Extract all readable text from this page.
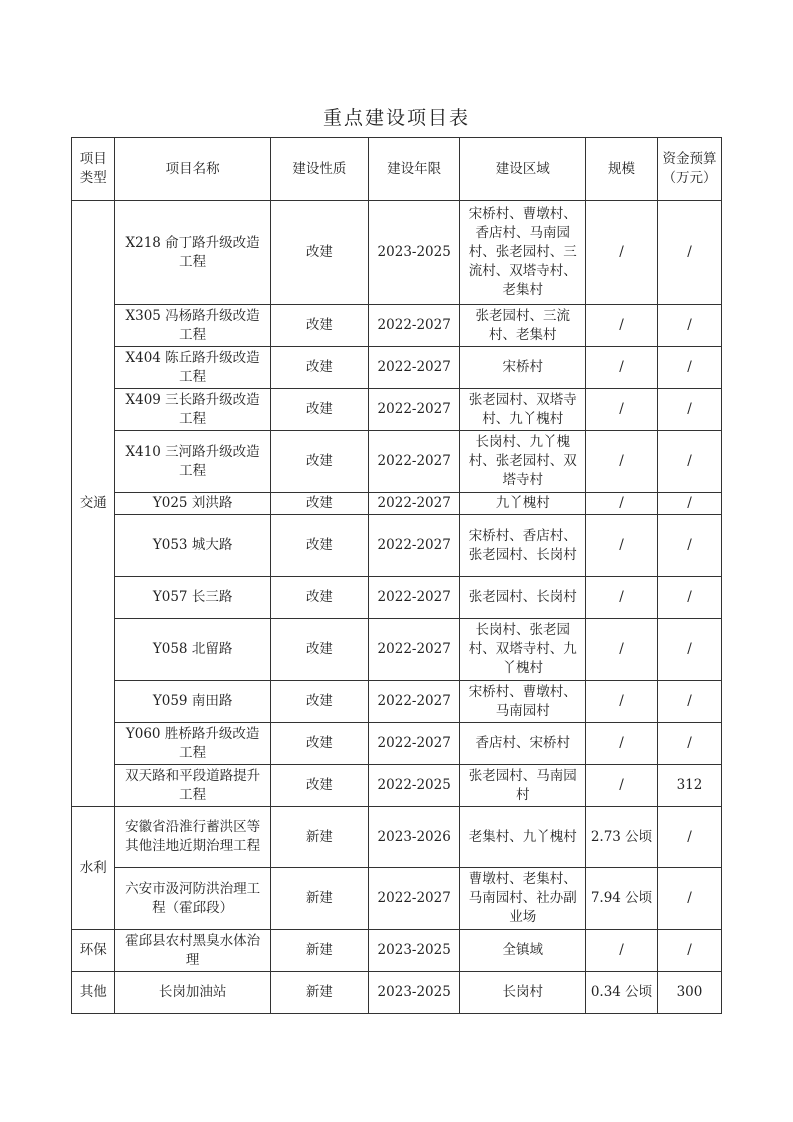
重点建设项目表
项目类型	项目名称	建设性质	建设年限	建设区域	规模	资金预算（万元）
交通	X218 俞丁路升级改造工程	改建	2023-2025	宋桥村、曹墩村、香店村、马南园村、张老园村、三流村、双塔寺村、老集村	/	/
	X305 冯杨路升级改造工程	改建	2022-2027	张老园村、三流村、老集村	/	/
	X404 陈丘路升级改造工程	改建	2022-2027	宋桥村	/	/
	X409 三长路升级改造工程	改建	2022-2027	张老园村、双塔寺村、九丫槐村	/	/
	X410 三河路升级改造工程	改建	2022-2027	长岗村、九丫槐村、张老园村、双塔寺村	/	/
	Y025 刘洪路	改建	2022-2027	九丫槐村	/	/
	Y053 城大路	改建	2022-2027	宋桥村、香店村、张老园村、长岗村	/	/
	Y057 长三路	改建	2022-2027	张老园村、长岗村	/	/
	Y058 北留路	改建	2022-2027	长岗村、张老园村、双塔寺村、九丫槐村	/	/
	Y059 南田路	改建	2022-2027	宋桥村、曹墩村、马南园村	/	/
	Y060 胜桥路升级改造工程	改建	2022-2027	香店村、宋桥村	/	/
	双天路和平段道路提升工程	改建	2022-2025	张老园村、马南园村	/	312
水利	安徽省沿淮行蓄洪区等其他洼地近期治理工程	新建	2023-2026	老集村、九丫槐村	2.73 公顷	/
	六安市汲河防洪治理工程（霍邱段）	新建	2022-2027	曹墩村、老集村、马南园村、社办副业场	7.94 公顷	/
环保	霍邱县农村黑臭水体治理	新建	2023-2025	全镇域	/	/
其他	长岗加油站	新建	2023-2025	长岗村	0.34 公顷	300
